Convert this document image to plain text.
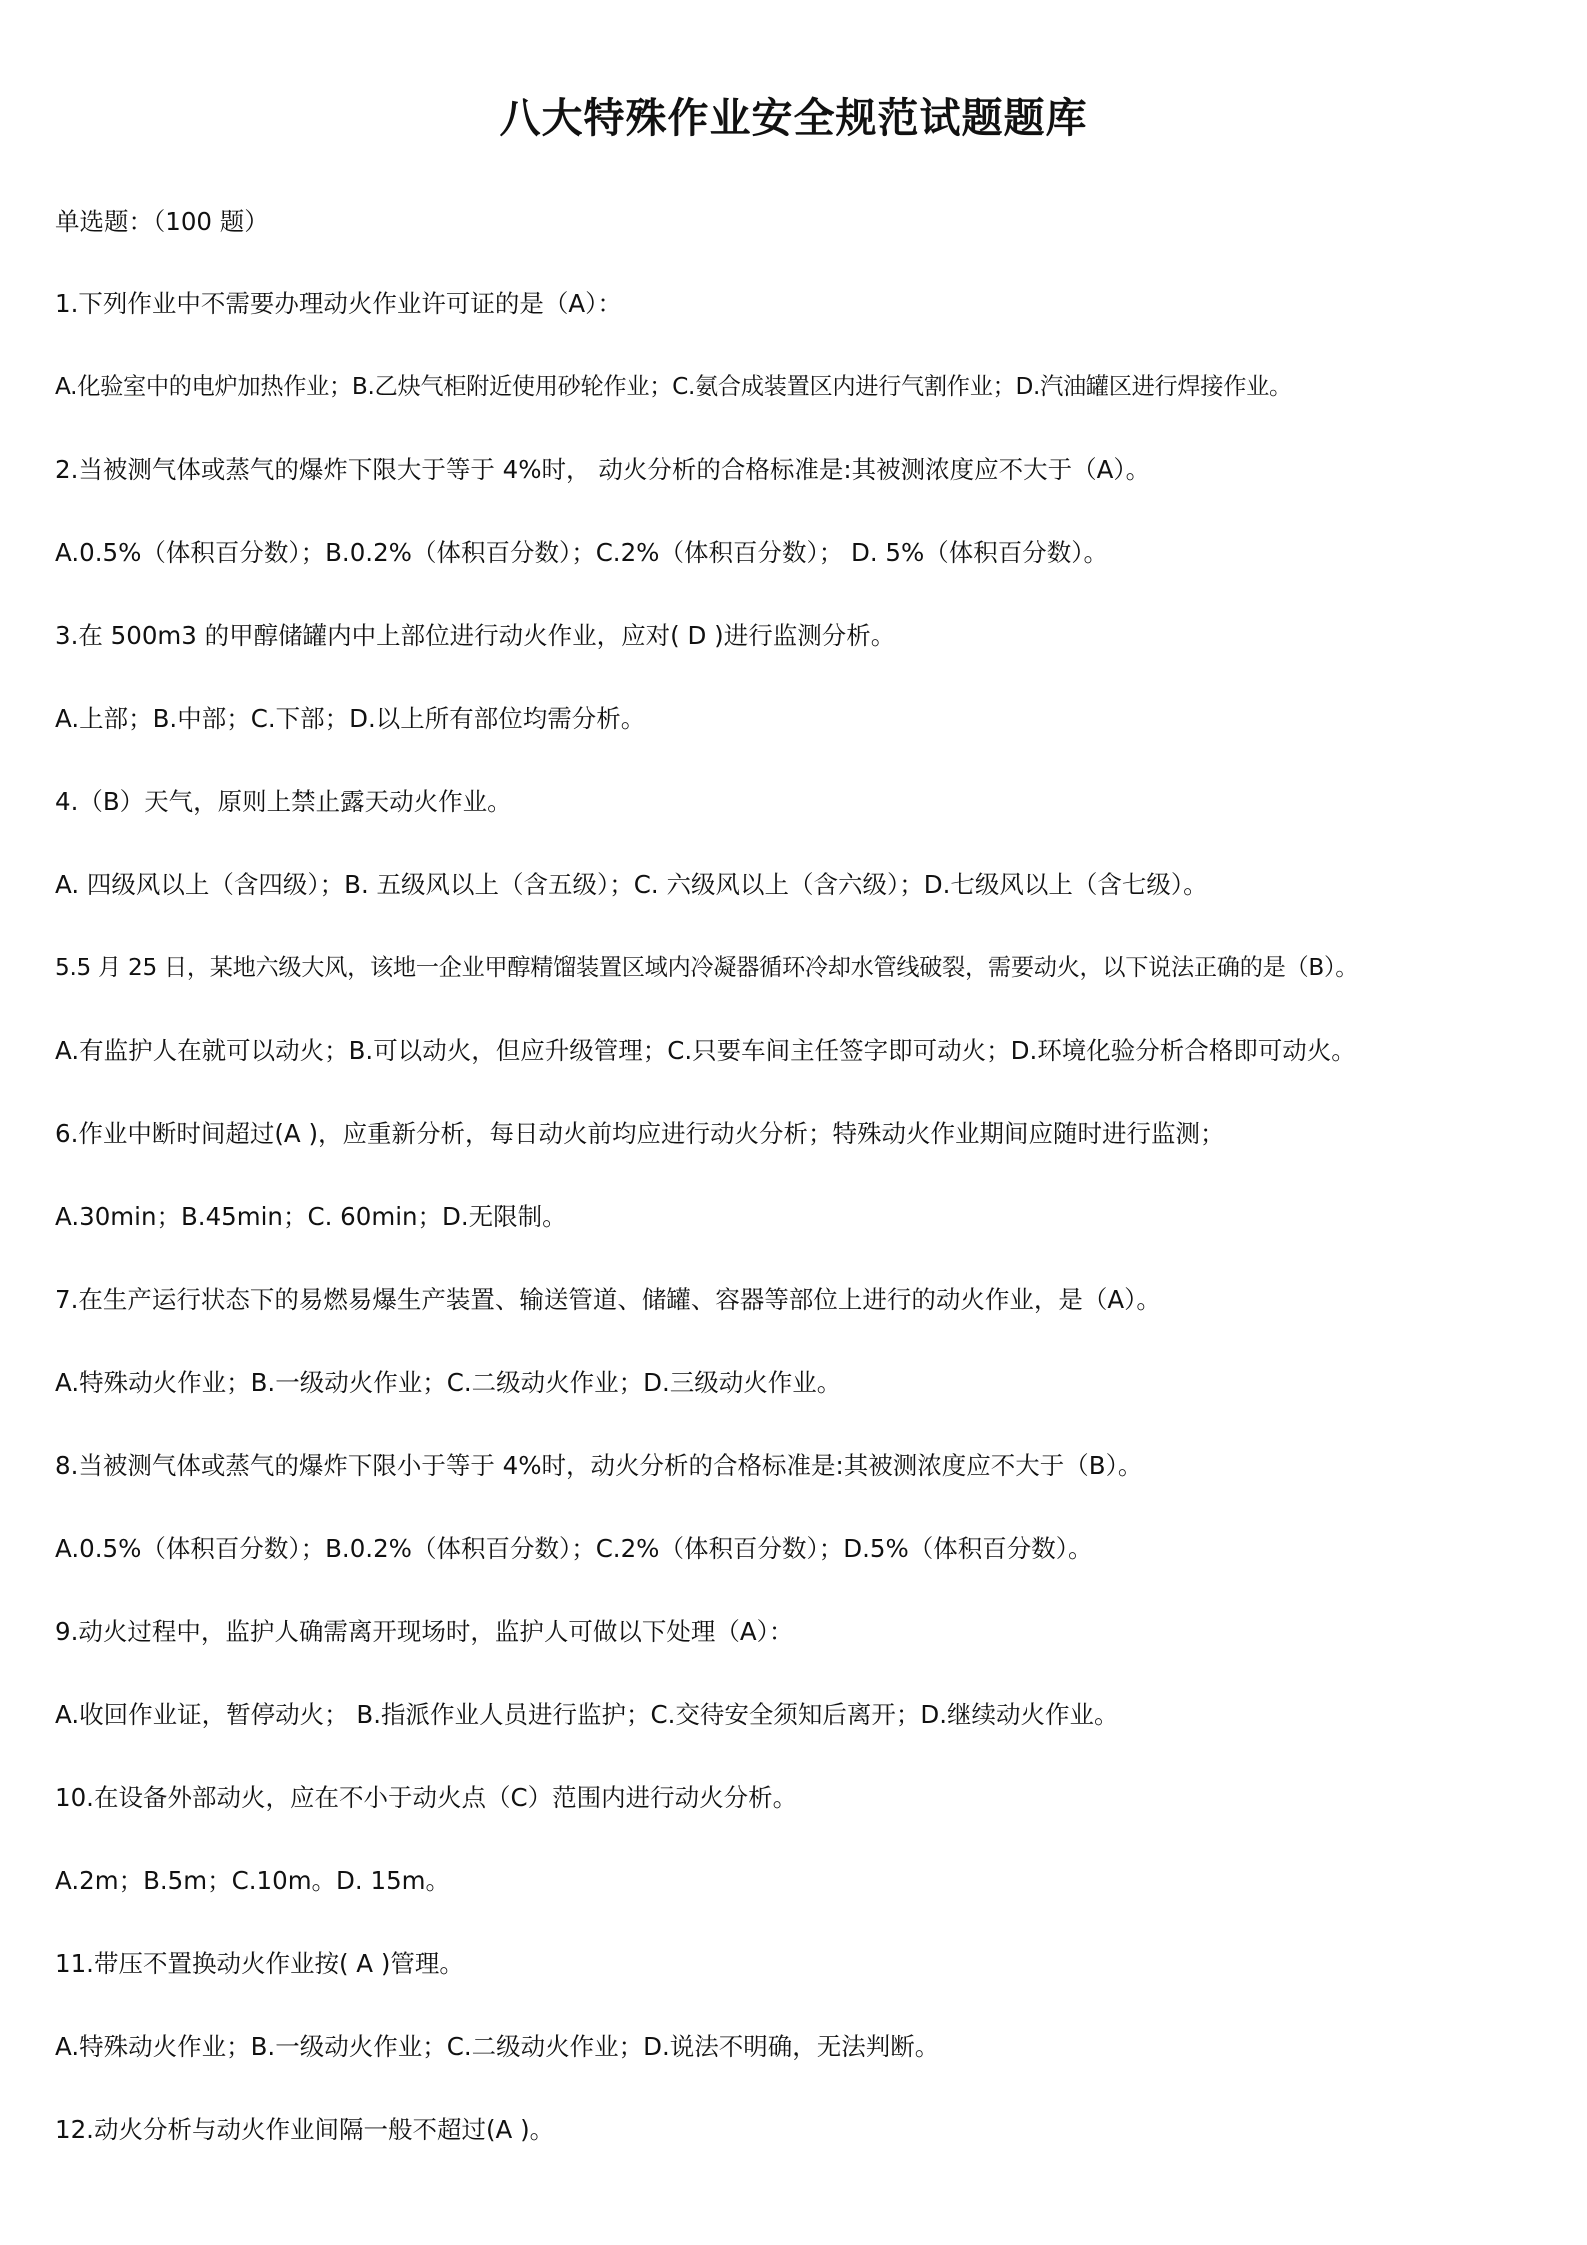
八大特殊作业安全规范试题题库
单选题：（100 题）
1.下列作业中不需要办理动火作业许可证的是（A）：
A.化验室中的电炉加热作业；B.乙炔气柜附近使用砂轮作业；C.氨合成装置区内进行气割作业；D.汽油罐区进行焊接作业。
2.当被测气体或蒸气的爆炸下限大于等于 4%时， 动火分析的合格标准是:其被测浓度应不大于（A）。
A.0.5%（体积百分数）；B.0.2%（体积百分数）；C.2%（体积百分数）； D. 5%（体积百分数）。
3.在 500m3 的甲醇储罐内中上部位进行动火作业，应对( D )进行监测分析。
A.上部；B.中部；C.下部；D.以上所有部位均需分析。
4.（B）天气，原则上禁止露天动火作业。
A. 四级风以上（含四级）；B. 五级风以上（含五级）；C. 六级风以上（含六级）；D.七级风以上（含七级）。
5.5 月 25 日，某地六级大风，该地一企业甲醇精馏装置区域内冷凝器循环冷却水管线破裂，需要动火，以下说法正确的是（B）。
A.有监护人在就可以动火；B.可以动火，但应升级管理；C.只要车间主任签字即可动火；D.环境化验分析合格即可动火。
6.作业中断时间超过(A )，应重新分析，每日动火前均应进行动火分析；特殊动火作业期间应随时进行监测；
A.30min；B.45min；C. 60min；D.无限制。
7.在生产运行状态下的易燃易爆生产装置、输送管道、储罐、容器等部位上进行的动火作业，是（A）。
A.特殊动火作业；B.一级动火作业；C.二级动火作业；D.三级动火作业。
8.当被测气体或蒸气的爆炸下限小于等于 4%时，动火分析的合格标准是:其被测浓度应不大于（B）。
A.0.5%（体积百分数）；B.0.2%（体积百分数）；C.2%（体积百分数）；D.5%（体积百分数）。
9.动火过程中，监护人确需离开现场时，监护人可做以下处理（A）：
A.收回作业证，暂停动火； B.指派作业人员进行监护；C.交待安全须知后离开；D.继续动火作业。
10.在设备外部动火，应在不小于动火点（C）范围内进行动火分析。
A.2m；B.5m；C.10m。D. 15m。
11.带压不置换动火作业按( A )管理。
A.特殊动火作业；B.一级动火作业；C.二级动火作业；D.说法不明确，无法判断。
12.动火分析与动火作业间隔一般不超过(A )。
